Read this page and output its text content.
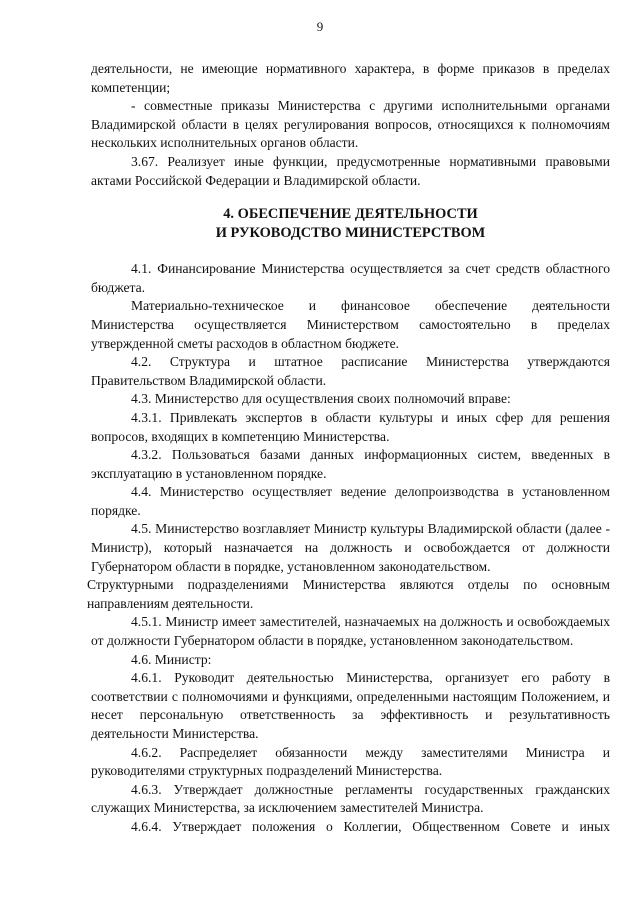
9

деятельности, не имеющие нормативного характера, в форме приказов в пределах компетенции;

- совместные приказы Министерства с другими исполнительными органами Владимирской области в целях регулирования вопросов, относящихся к полномочиям нескольких исполнительных органов области.

3.67. Реализует иные функции, предусмотренные нормативными правовыми актами Российской Федерации и Владимирской области.

4. ОБЕСПЕЧЕНИЕ ДЕЯТЕЛЬНОСТИ
И РУКОВОДСТВО МИНИСТЕРСТВОМ

4.1. Финансирование Министерства осуществляется за счет средств областного бюджета.

Материально-техническое и финансовое обеспечение деятельности Министерства осуществляется Министерством самостоятельно в пределах утвержденной сметы расходов в областном бюджете.

4.2. Структура и штатное расписание Министерства утверждаются Правительством Владимирской области.

4.3. Министерство для осуществления своих полномочий вправе:

4.3.1. Привлекать экспертов в области культуры и иных сфер для решения вопросов, входящих в компетенцию Министерства.

4.3.2. Пользоваться базами данных информационных систем, введенных в эксплуатацию в установленном порядке.

4.4. Министерство осуществляет ведение делопроизводства в установленном порядке.

4.5. Министерство возглавляет Министр культуры Владимирской области (далее - Министр), который назначается на должность и освобождается от должности Губернатором области в порядке, установленном законодательством.

Структурными подразделениями Министерства являются отделы по основным направлениям деятельности.

4.5.1. Министр имеет заместителей, назначаемых на должность и освобождаемых от должности Губернатором области в порядке, установленном законодательством.

4.6. Министр:

4.6.1. Руководит деятельностью Министерства, организует его работу в соответствии с полномочиями и функциями, определенными настоящим Положением, и несет персональную ответственность за эффективность и результативность деятельности Министерства.

4.6.2. Распределяет обязанности между заместителями Министра и руководителями структурных подразделений Министерства.

4.6.3. Утверждает должностные регламенты государственных гражданских служащих Министерства, за исключением заместителей Министра.

4.6.4. Утверждает положения о Коллегии, Общественном Совете и иных
